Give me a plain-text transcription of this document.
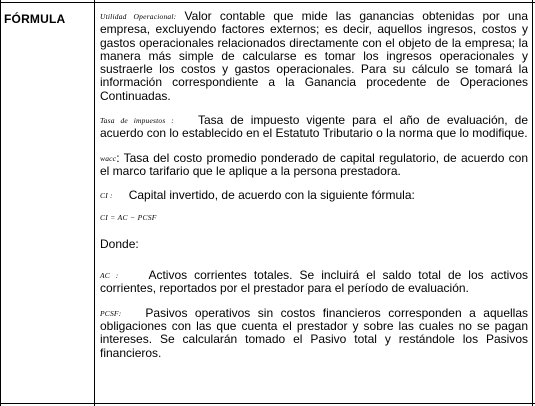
FÓRMULA	Utilidad Operacional: Valor contable que mide las ganancias obtenidas por una empresa, excluyendo factores externos; es decir, aquellos ingresos, costos y gastos operacionales relacionados directamente con el objeto de la empresa; la manera más simple de calcularse es tomar los ingresos operacionales y sustraerle los costos y gastos operacionales. Para su cálculo se tomará la información correspondiente a la Ganancia procedente de Operaciones Continuadas.

Tasa de impuestos : Tasa de impuesto vigente para el año de evaluación, de acuerdo con lo establecido en el Estatuto Tributario o la norma que lo modifique.

wacc: Tasa del costo promedio ponderado de capital regulatorio, de acuerdo con el marco tarifario que le aplique a la persona prestadora.

CI : Capital invertido, de acuerdo con la siguiente fórmula:

CI = AC − PCSF

Donde:

AC :	Activos corrientes totales. Se incluirá el saldo total de los activos corrientes, reportados por el prestador para el período de evaluación.

PCSF: Pasivos operativos sin costos financieros corresponden a aquellas obligaciones con las que cuenta el prestador y sobre las cuales no se pagan intereses. Se calcularán tomado el Pasivo total y restándole los Pasivos financieros.
